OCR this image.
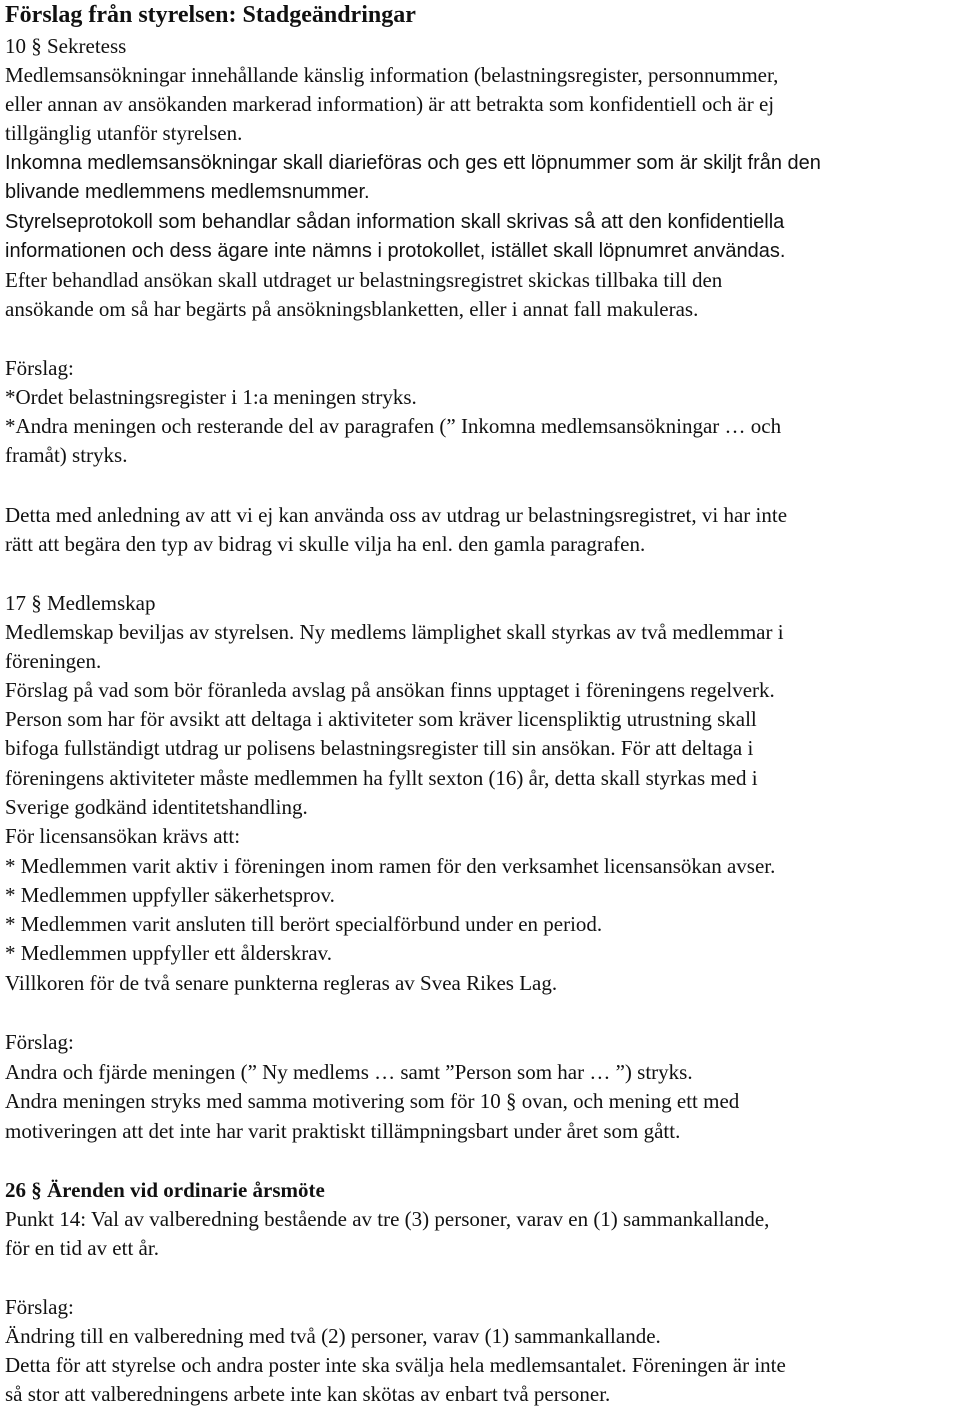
Förslag från styrelsen: Stadgeändringar
10 § Sekretess
Medlemsansökningar innehållande känslig information (belastningsregister, personnummer,
eller annan av ansökanden markerad information) är att betrakta som konfidentiell och är ej
tillgänglig utanför styrelsen.
Inkomna medlemsansökningar skall diarieföras och ges ett löpnummer som är skiljt från den
blivande medlemmens medlemsnummer.
Styrelseprotokoll som behandlar sådan information skall skrivas så att den konfidentiella
informationen och dess ägare inte nämns i protokollet, istället skall löpnumret användas.
Efter behandlad ansökan skall utdraget ur belastningsregistret skickas tillbaka till den
ansökande om så har begärts på ansökningsblanketten, eller i annat fall makuleras.
Förslag:
*Ordet belastningsregister i 1:a meningen stryks.
*Andra meningen och resterande del av paragrafen (” Inkomna medlemsansökningar … och
framåt) stryks.
Detta med anledning av att vi ej kan använda oss av utdrag ur belastningsregistret, vi har inte
rätt att begära den typ av bidrag vi skulle vilja ha enl. den gamla paragrafen.
17 § Medlemskap
Medlemskap beviljas av styrelsen. Ny medlems lämplighet skall styrkas av två medlemmar i
föreningen.
Förslag på vad som bör föranleda avslag på ansökan finns upptaget i föreningens regelverk.
Person som har för avsikt att deltaga i aktiviteter som kräver licenspliktig utrustning skall
bifoga fullständigt utdrag ur polisens belastningsregister till sin ansökan. För att deltaga i
föreningens aktiviteter måste medlemmen ha fyllt sexton (16) år, detta skall styrkas med i
Sverige godkänd identitetshandling.
För licensansökan krävs att:
* Medlemmen varit aktiv i föreningen inom ramen för den verksamhet licensansökan avser.
* Medlemmen uppfyller säkerhetsprov.
* Medlemmen varit ansluten till berört specialförbund under en period.
* Medlemmen uppfyller ett ålderskrav.
Villkoren för de två senare punkterna regleras av Svea Rikes Lag.
Förslag:
Andra och fjärde meningen (” Ny medlems … samt ”Person som har … ”) stryks.
Andra meningen stryks med samma motivering som för 10 § ovan, och mening ett med
motiveringen att det inte har varit praktiskt tillämpningsbart under året som gått.
26 § Ärenden vid ordinarie årsmöte
Punkt 14: Val av valberedning bestående av tre (3) personer, varav en (1) sammankallande,
för en tid av ett år.
Förslag:
Ändring till en valberedning med två (2) personer, varav (1) sammankallande.
Detta för att styrelse och andra poster inte ska svälja hela medlemsantalet. Föreningen är inte
så stor att valberedningens arbete inte kan skötas av enbart två personer.
